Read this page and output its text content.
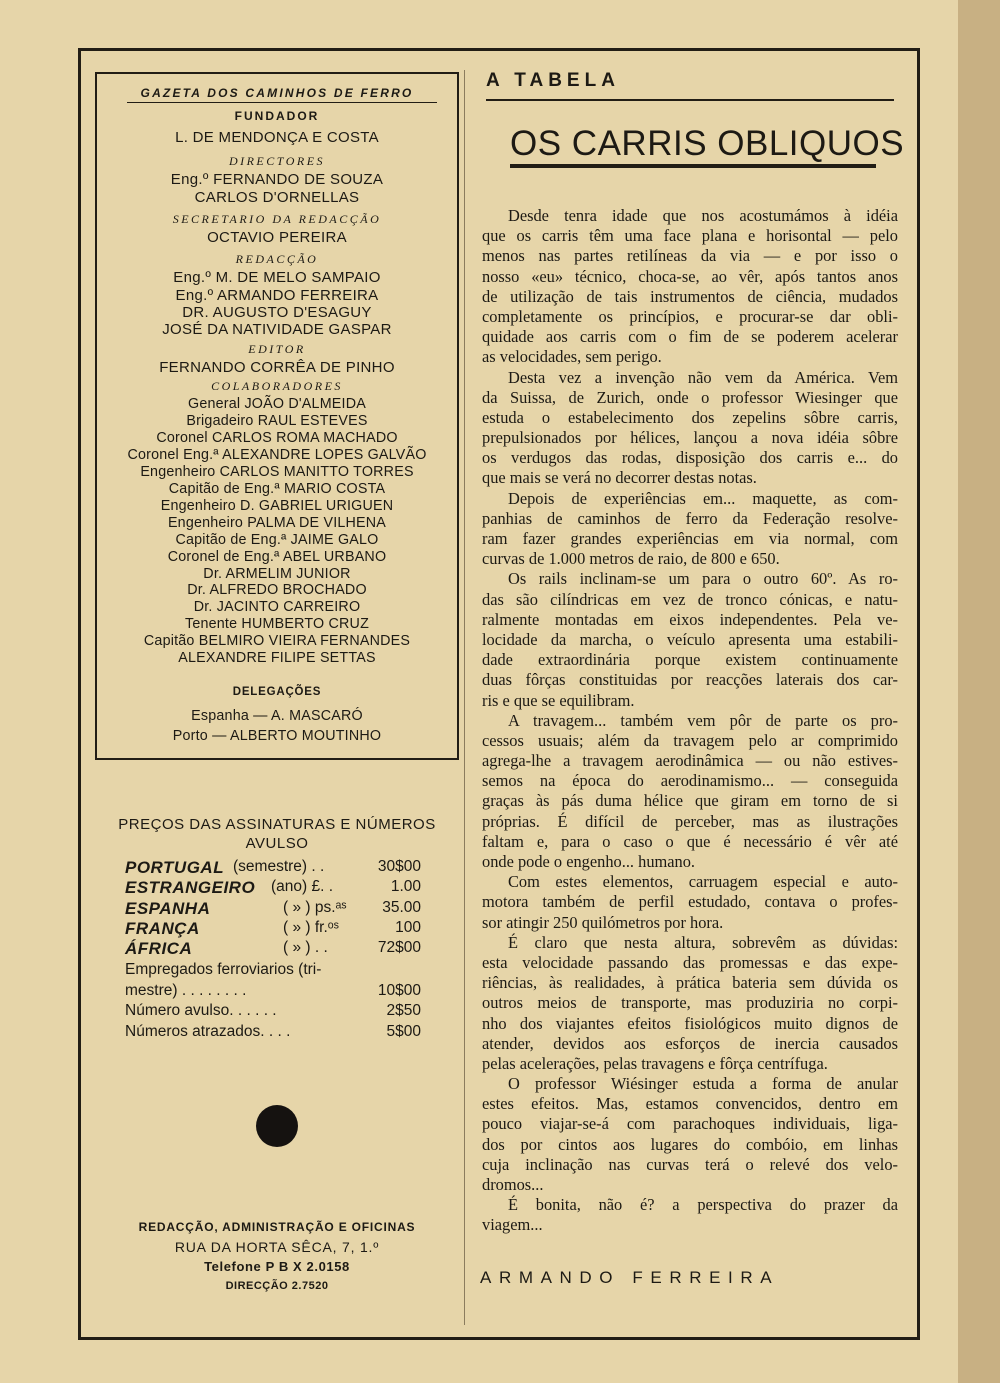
GAZETA DOS CAMINHOS DE FERRO
FUNDADOR
L. DE MENDONÇA E COSTA
DIRECTORES
Eng.º FERNANDO DE SOUZA
CARLOS D'ORNELLAS
SECRETARIO DA REDACÇÃO
OCTAVIO PEREIRA
REDACÇÃO
Eng.º M. DE MELO SAMPAIO
Eng.º ARMANDO FERREIRA
DR. AUGUSTO D'ESAGUY
JOSÉ DA NATIVIDADE GASPAR
EDITOR
FERNANDO CORRÊA DE PINHO
COLABORADORES
General JOÃO D'ALMEIDA
Brigadeiro RAUL ESTEVES
Coronel CARLOS ROMA MACHADO
Coronel Eng.ª ALEXANDRE LOPES GALVÃO
Engenheiro CARLOS MANITTO TORRES
Capitão de Eng.ª MARIO COSTA
Engenheiro D. GABRIEL URIGUEN
Engenheiro PALMA DE VILHENA
Capitão de Eng.ª JAIME GALO
Coronel de Eng.ª ABEL URBANO
Dr. ARMELIM JUNIOR
Dr. ALFREDO BROCHADO
Dr. JACINTO CARREIRO
Tenente HUMBERTO CRUZ
Capitão BELMIRO VIEIRA FERNANDES
ALEXANDRE FILIPE SETTAS
DELEGAÇÕES
Espanha — A. MASCARÓ
Porto — ALBERTO MOUTINHO
PREÇOS DAS ASSINATURAS E NÚMEROS
AVULSO
PORTUGAL (semestre) . .	30$00
ESTRANGEIRO (ano) £. .	1.00
ESPANHA	( » ) ps.ᵃˢ 35.00
FRANÇA	( » ) fr.ᵒˢ	100
ÁFRICA	( » ) . .	72$00
Empregados ferroviarios (tri-
mestre) . . . . . . . .	10$00
Número avulso. . . . . .	2$50
Números atrazados. . . .	5$00
REDACÇÃO, ADMINISTRAÇÃO E OFICINAS
RUA DA HORTA SÊCA, 7, 1.º
Telefone P B X 2.0158
DIRECÇÃO 2.7520
A TABELA
OS CARRIS OBLIQUOS
Desde tenra idade que nos acostumámos à idéia
que os carris têm uma face plana e horisontal — pelo
menos nas partes retilíneas da via — e por isso o
nosso «eu» técnico, choca-se, ao vêr, após tantos anos
de utilização de tais instrumentos de ciência, mudados
completamente os princípios, e procurar-se dar obli-
quidade aos carris com o fim de se poderem acelerar
as velocidades, sem perigo.
Desta vez a invenção não vem da América. Vem
da Suissa, de Zurich, onde o professor Wiesinger que
estuda o estabelecimento dos zepelins sôbre carris,
prepulsionados por hélices, lançou a nova idéia sôbre
os verdugos das rodas, disposição dos carris e... do
que mais se verá no decorrer destas notas.
Depois de experiências em... maquette, as com-
panhias de caminhos de ferro da Federação resolve-
ram fazer grandes experiências em via normal, com
curvas de 1.000 metros de raio, de 800 e 650.
Os rails inclinam-se um para o outro 60º. As ro-
das são cilíndricas em vez de tronco cónicas, e natu-
ralmente montadas em eixos independentes. Pela ve-
locidade da marcha, o veículo apresenta uma estabili-
dade extraordinária porque existem continuamente
duas fôrças constituidas por reacções laterais dos car-
ris e que se equilibram.
A travagem... também vem pôr de parte os pro-
cessos usuais; além da travagem pelo ar comprimido
agrega-lhe a travagem aerodinâmica — ou não estives-
semos na época do aerodinamismo... — conseguida
graças às pás duma hélice que giram em torno de si
próprias. É difícil de perceber, mas as ilustrações
faltam e, para o caso o que é necessário é vêr até
onde pode o engenho... humano.
Com estes elementos, carruagem especial e auto-
motora também de perfil estudado, contava o profes-
sor atingir 250 quilómetros por hora.
É claro que nesta altura, sobrevêm as dúvidas:
esta velocidade passando das promessas e das expe-
riências, às realidades, à prática bateria sem dúvida os
outros meios de transporte, mas produziria no corpi-
nho dos viajantes efeitos fisiológicos muito dignos de
atender, devidos aos esforços de inercia causados
pelas acelerações, pelas travagens e fôrça centrífuga.
O professor Wiésinger estuda a forma de anular
estes efeitos. Mas, estamos convencidos, dentro em
pouco viajar-se-á com parachoques individuais, liga-
dos por cintos aos lugares do combóio, em linhas
cuja inclinação nas curvas terá o relevé dos velo-
dromos...
É bonita, não é? a perspectiva do prazer da
viagem...
ARMANDO FERREIRA
